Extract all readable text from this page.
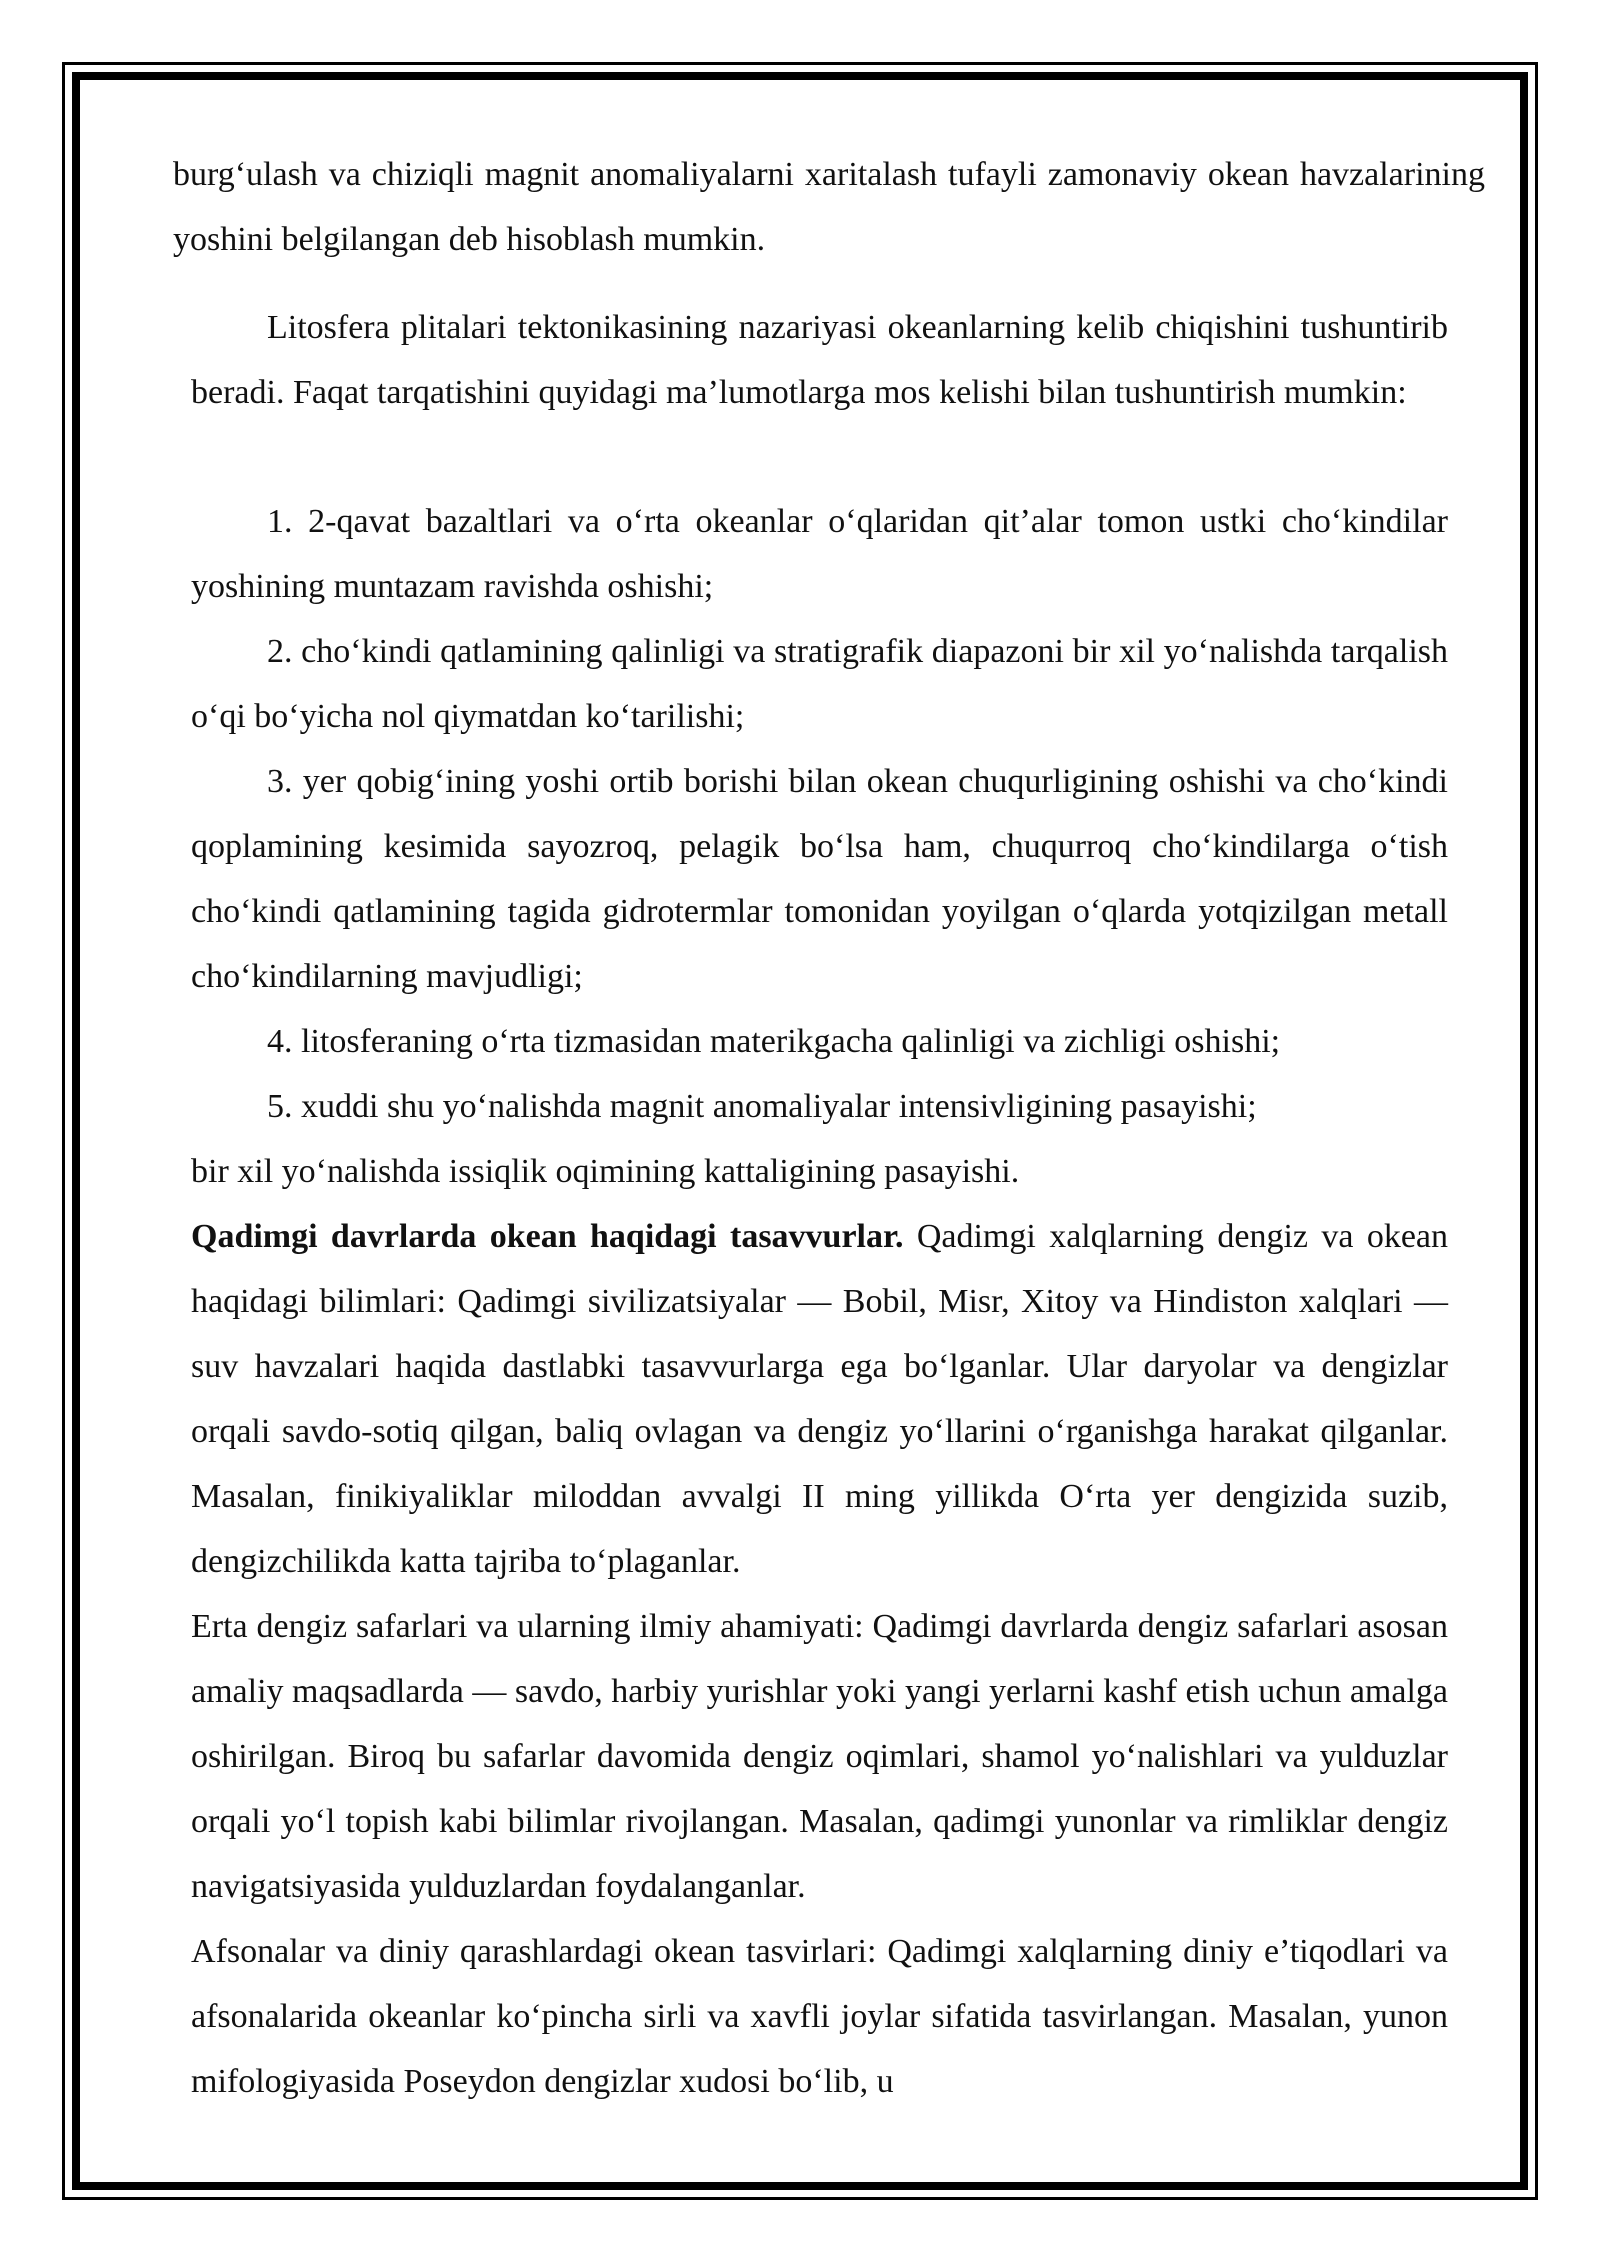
burg‘ulash va chiziqli magnit anomaliyalarni xaritalash tufayli zamonaviy okean havzalarining yoshini belgilangan deb hisoblash mumkin.

Litosfera plitalari tektonikasining nazariyasi okeanlarning kelib chiqishini tushuntirib beradi. Faqat tarqatishini quyidagi ma’lumotlarga mos kelishi bilan tushuntirish mumkin:

1. 2-qavat bazaltlari va o‘rta okeanlar o‘qlaridan qit’alar tomon ustki cho‘kindilar yoshining muntazam ravishda oshishi;

2. cho‘kindi qatlamining qalinligi va stratigrafik diapazoni bir xil yo‘nalishda tarqalish o‘qi bo‘yicha nol qiymatdan ko‘tarilishi;

3. yer qobig‘ining yoshi ortib borishi bilan okean chuqurligining oshishi va cho‘kindi qoplamining kesimida sayozroq, pelagik bo‘lsa ham, chuqurroq cho‘kindilarga o‘tish cho‘kindi qatlamining tagida gidrotermlar tomonidan yoyilgan o‘qlarda yotqizilgan metall cho‘kindilarning mavjudligi;

4. litosferaning o‘rta tizmasidan materikgacha qalinligi va zichligi oshishi;

5. xuddi shu yo‘nalishda magnit anomaliyalar intensivligining pasayishi;

bir xil yo‘nalishda issiqlik oqimining kattaligining pasayishi.

Qadimgi davrlarda okean haqidagi tasavvurlar. Qadimgi xalqlarning dengiz va okean haqidagi bilimlari: Qadimgi sivilizatsiyalar — Bobil, Misr, Xitoy va Hindiston xalqlari — suv havzalari haqida dastlabki tasavvurlarga ega bo‘lganlar. Ular daryolar va dengizlar orqali savdo-sotiq qilgan, baliq ovlagan va dengiz yo‘llarini o‘rganishga harakat qilganlar. Masalan, finikiyaliklar miloddan avvalgi II ming yillikda O‘rta yer dengizida suzib, dengizchilikda katta tajriba to‘plaganlar.

Erta dengiz safarlari va ularning ilmiy ahamiyati: Qadimgi davrlarda dengiz safarlari asosan amaliy maqsadlarda — savdo, harbiy yurishlar yoki yangi yerlarni kashf etish uchun amalga oshirilgan. Biroq bu safarlar davomida dengiz oqimlari, shamol yo‘nalishlari va yulduzlar orqali yo‘l topish kabi bilimlar rivojlangan. Masalan, qadimgi yunonlar va rimliklar dengiz navigatsiyasida yulduzlardan foydalanganlar.

Afsonalar va diniy qarashlardagi okean tasvirlari: Qadimgi xalqlarning diniy e’tiqodlari va afsonalarida okeanlar ko‘pincha sirli va xavfli joylar sifatida tasvirlangan. Masalan, yunon mifologiyasida Poseydon dengizlar xudosi bo‘lib, u
